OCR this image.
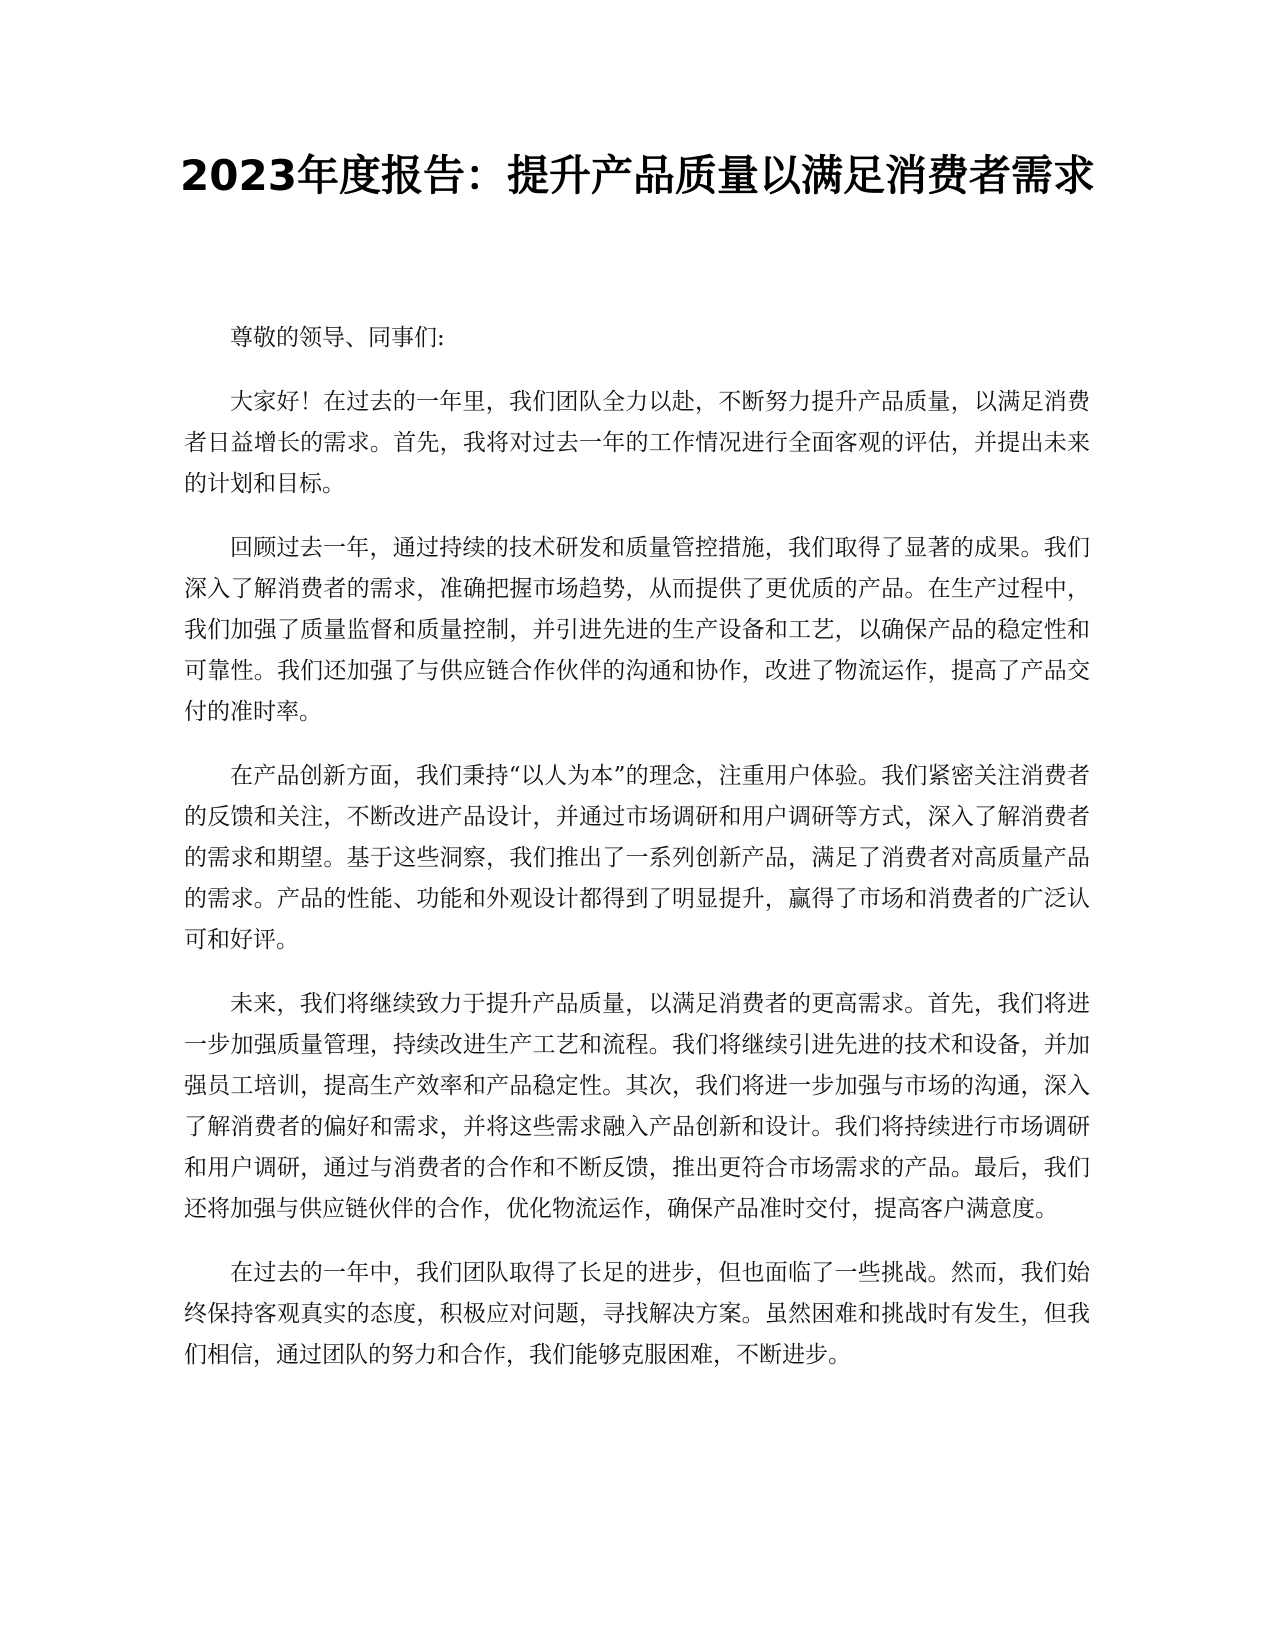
2023年度报告：提升产品质量以满足消费者需求

尊敬的领导、同事们:

大家好！在过去的一年里，我们团队全力以赴，不断努力提升产品质量，以满足消费者日益增长的需求。首先，我将对过去一年的工作情况进行全面客观的评估，并提出未来的计划和目标。

回顾过去一年，通过持续的技术研发和质量管控措施，我们取得了显著的成果。我们深入了解消费者的需求，准确把握市场趋势，从而提供了更优质的产品。在生产过程中，我们加强了质量监督和质量控制，并引进先进的生产设备和工艺，以确保产品的稳定性和可靠性。我们还加强了与供应链合作伙伴的沟通和协作，改进了物流运作，提高了产品交付的准时率。

在产品创新方面，我们秉持“以人为本”的理念，注重用户体验。我们紧密关注消费者的反馈和关注，不断改进产品设计，并通过市场调研和用户调研等方式，深入了解消费者的需求和期望。基于这些洞察，我们推出了一系列创新产品，满足了消费者对高质量产品的需求。产品的性能、功能和外观设计都得到了明显提升，赢得了市场和消费者的广泛认可和好评。

未来，我们将继续致力于提升产品质量，以满足消费者的更高需求。首先，我们将进一步加强质量管理，持续改进生产工艺和流程。我们将继续引进先进的技术和设备，并加强员工培训，提高生产效率和产品稳定性。其次，我们将进一步加强与市场的沟通，深入了解消费者的偏好和需求，并将这些需求融入产品创新和设计。我们将持续进行市场调研和用户调研，通过与消费者的合作和不断反馈，推出更符合市场需求的产品。最后，我们还将加强与供应链伙伴的合作，优化物流运作，确保产品准时交付，提高客户满意度。

在过去的一年中，我们团队取得了长足的进步，但也面临了一些挑战。然而，我们始终保持客观真实的态度，积极应对问题，寻找解决方案。虽然困难和挑战时有发生，但我们相信，通过团队的努力和合作，我们能够克服困难，不断进步。
